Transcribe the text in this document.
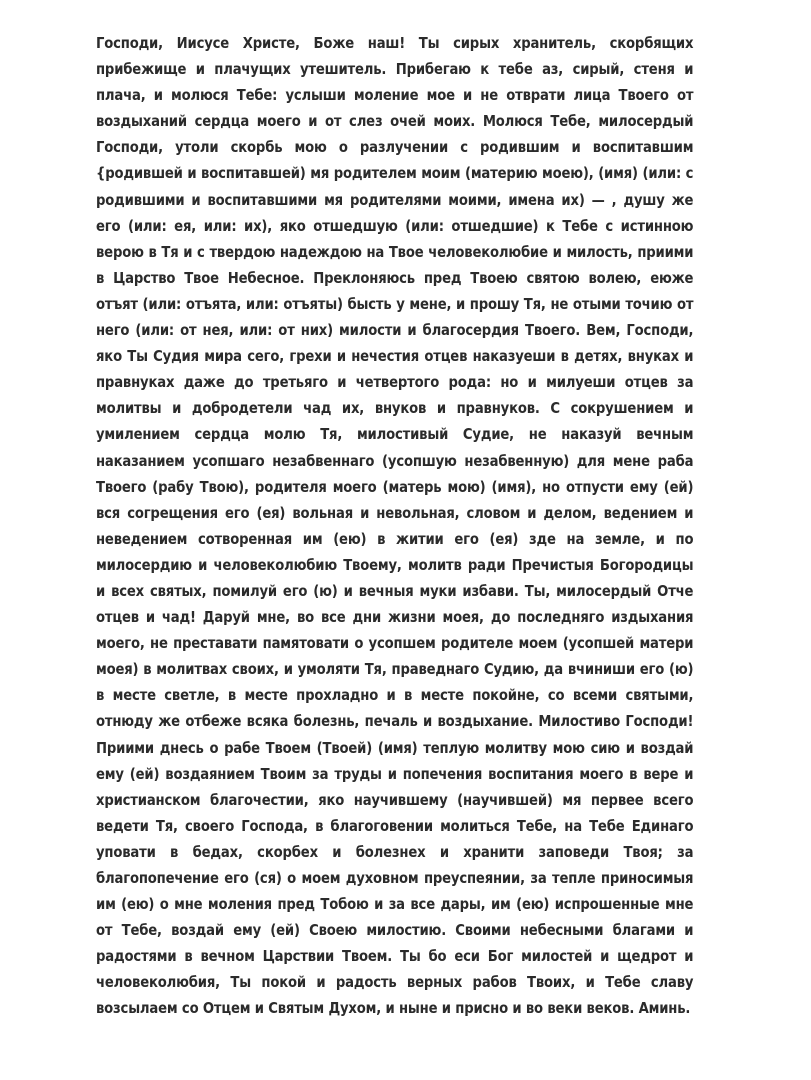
Господи, Иисусе Христе, Боже наш! Ты сирых хранитель, скорбящих прибежище и плачущих утешитель. Прибегаю к тебе аз, сирый, стеня и плача, и молюся Тебе: услыши моление мое и не отврати лица Твоего от воздыханий сердца моего и от слез очей моих. Молюся Тебе, милосердый Господи, утоли скорбь мою о разлучении с родившим и воспитавшим {родившей и воспитавшей) мя родителем моим (материю моею), (имя) (или: с родившими и воспитавшими мя родителями моими, имена их) — , душу же его (или: ея, или: их), яко отшедшую (или: отшедшие) к Тебе с истинною верою в Тя и с твердою надеждою на Твое человеколюбие и милость, приими в Царство Твое Небесное. Преклоняюсь пред Твоею святою волею, еюже отъят (или: отъята, или: отъяты) бысть у мене, и прошу Тя, не отыми точию от него (или: от нея, или: от них) милости и благосердия Твоего. Вем, Господи, яко Ты Судия мира сего, грехи и нечестия отцев наказуеши в детях, внуках и правнуках даже до третьяго и четвертого рода: но и милуеши отцев за молитвы и добродетели чад их, внуков и правнуков. С сокрушением и умилением сердца молю Тя, милостивый Судие, не наказуй вечным наказанием усопшаго незабвеннаго (усопшую незабвенную) для мене раба Твоего (рабу Твою), родителя моего (матерь мою) (имя), но отпусти ему (ей) вся согрещения его (ея) вольная и невольная, словом и делом, ведением и неведением сотворенная им (ею) в житии его (ея) зде на земле, и по милосердию и человеколюбию Твоему, молитв ради Пречистыя Богородицы и всех святых, помилуй его (ю) и вечныя муки избави. Ты, милосердый Отче отцев и чад! Даруй мне, во все дни жизни моея, до последняго издыхания моего, не преставати памятовати о усопшем родителе моем (усопшей матери моея) в молитвах своих, и умоляти Тя, праведнаго Судию, да вчиниши его (ю) в месте светле, в месте прохладно и в месте покойне, со всеми святыми, отнюду же отбеже всяка болезнь, печаль и воздыхание. Милостиво Господи! Приими днесь о рабе Твоем (Твоей) (имя) теплую молитву мою сию и воздай ему (ей) воздаянием Твоим за труды и попечения воспитания моего в вере и христианском благочестии, яко научившему (научившей) мя первее всего ведети Тя, своего Господа, в благоговении молиться Тебе, на Тебе Единаго уповати в бедах, скорбех и болезнех и хранити заповеди Твоя; за благопопечение его (ся) о моем духовном преуспеянии, за тепле приносимыя им (ею) о мне моления пред Тобою и за все дары, им (ею) испрошенные мне от Тебе, воздай ему (ей) Своею милостию. Своими небесными благами и радостями в вечном Царствии Твоем. Ты бо еси Бог милостей и щедрот и человеколюбия, Ты покой и радость верных рабов Твоих, и Тебе славу возсылаем со Отцем и Святым Духом, и ныне и присно и во веки веков. Аминь.
